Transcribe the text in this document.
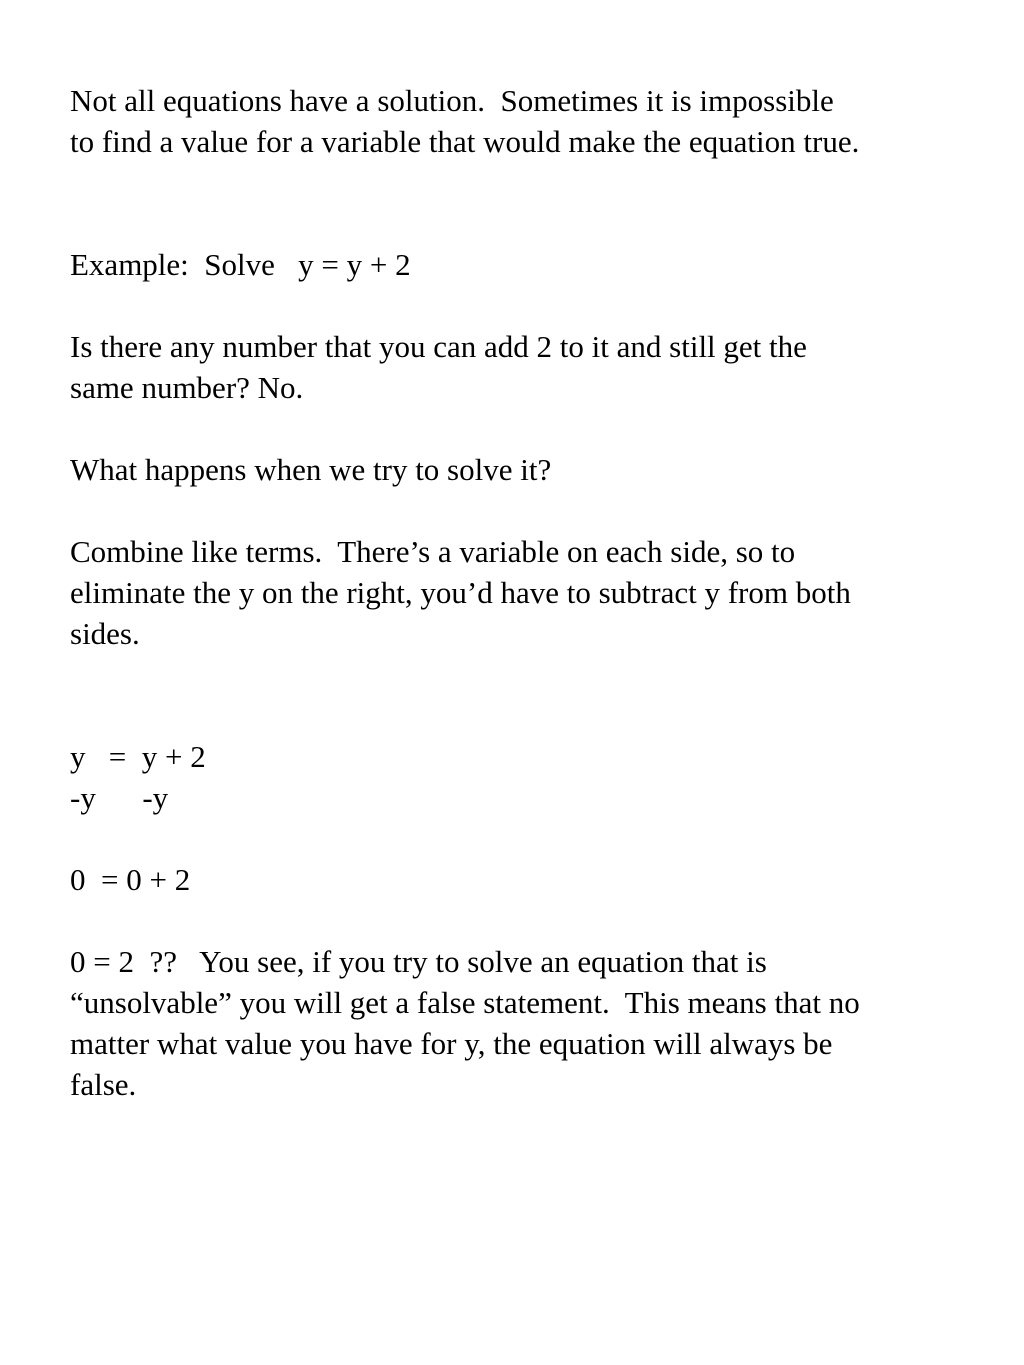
Not all equations have a solution.  Sometimes it is impossible

to find a value for a variable that would make the equation true.

Example:  Solve   y = y + 2

Is there any number that you can add 2 to it and still get the

same number? No.

What happens when we try to solve it?

Combine like terms.  There’s a variable on each side, so to

eliminate the y on the right, you’d have to subtract y from both

sides.

y   =  y + 2

-y      -y

0  = 0 + 2

0 = 2  ??   You see, if you try to solve an equation that is

“unsolvable” you will get a false statement.  This means that no

matter what value you have for y, the equation will always be

false.
